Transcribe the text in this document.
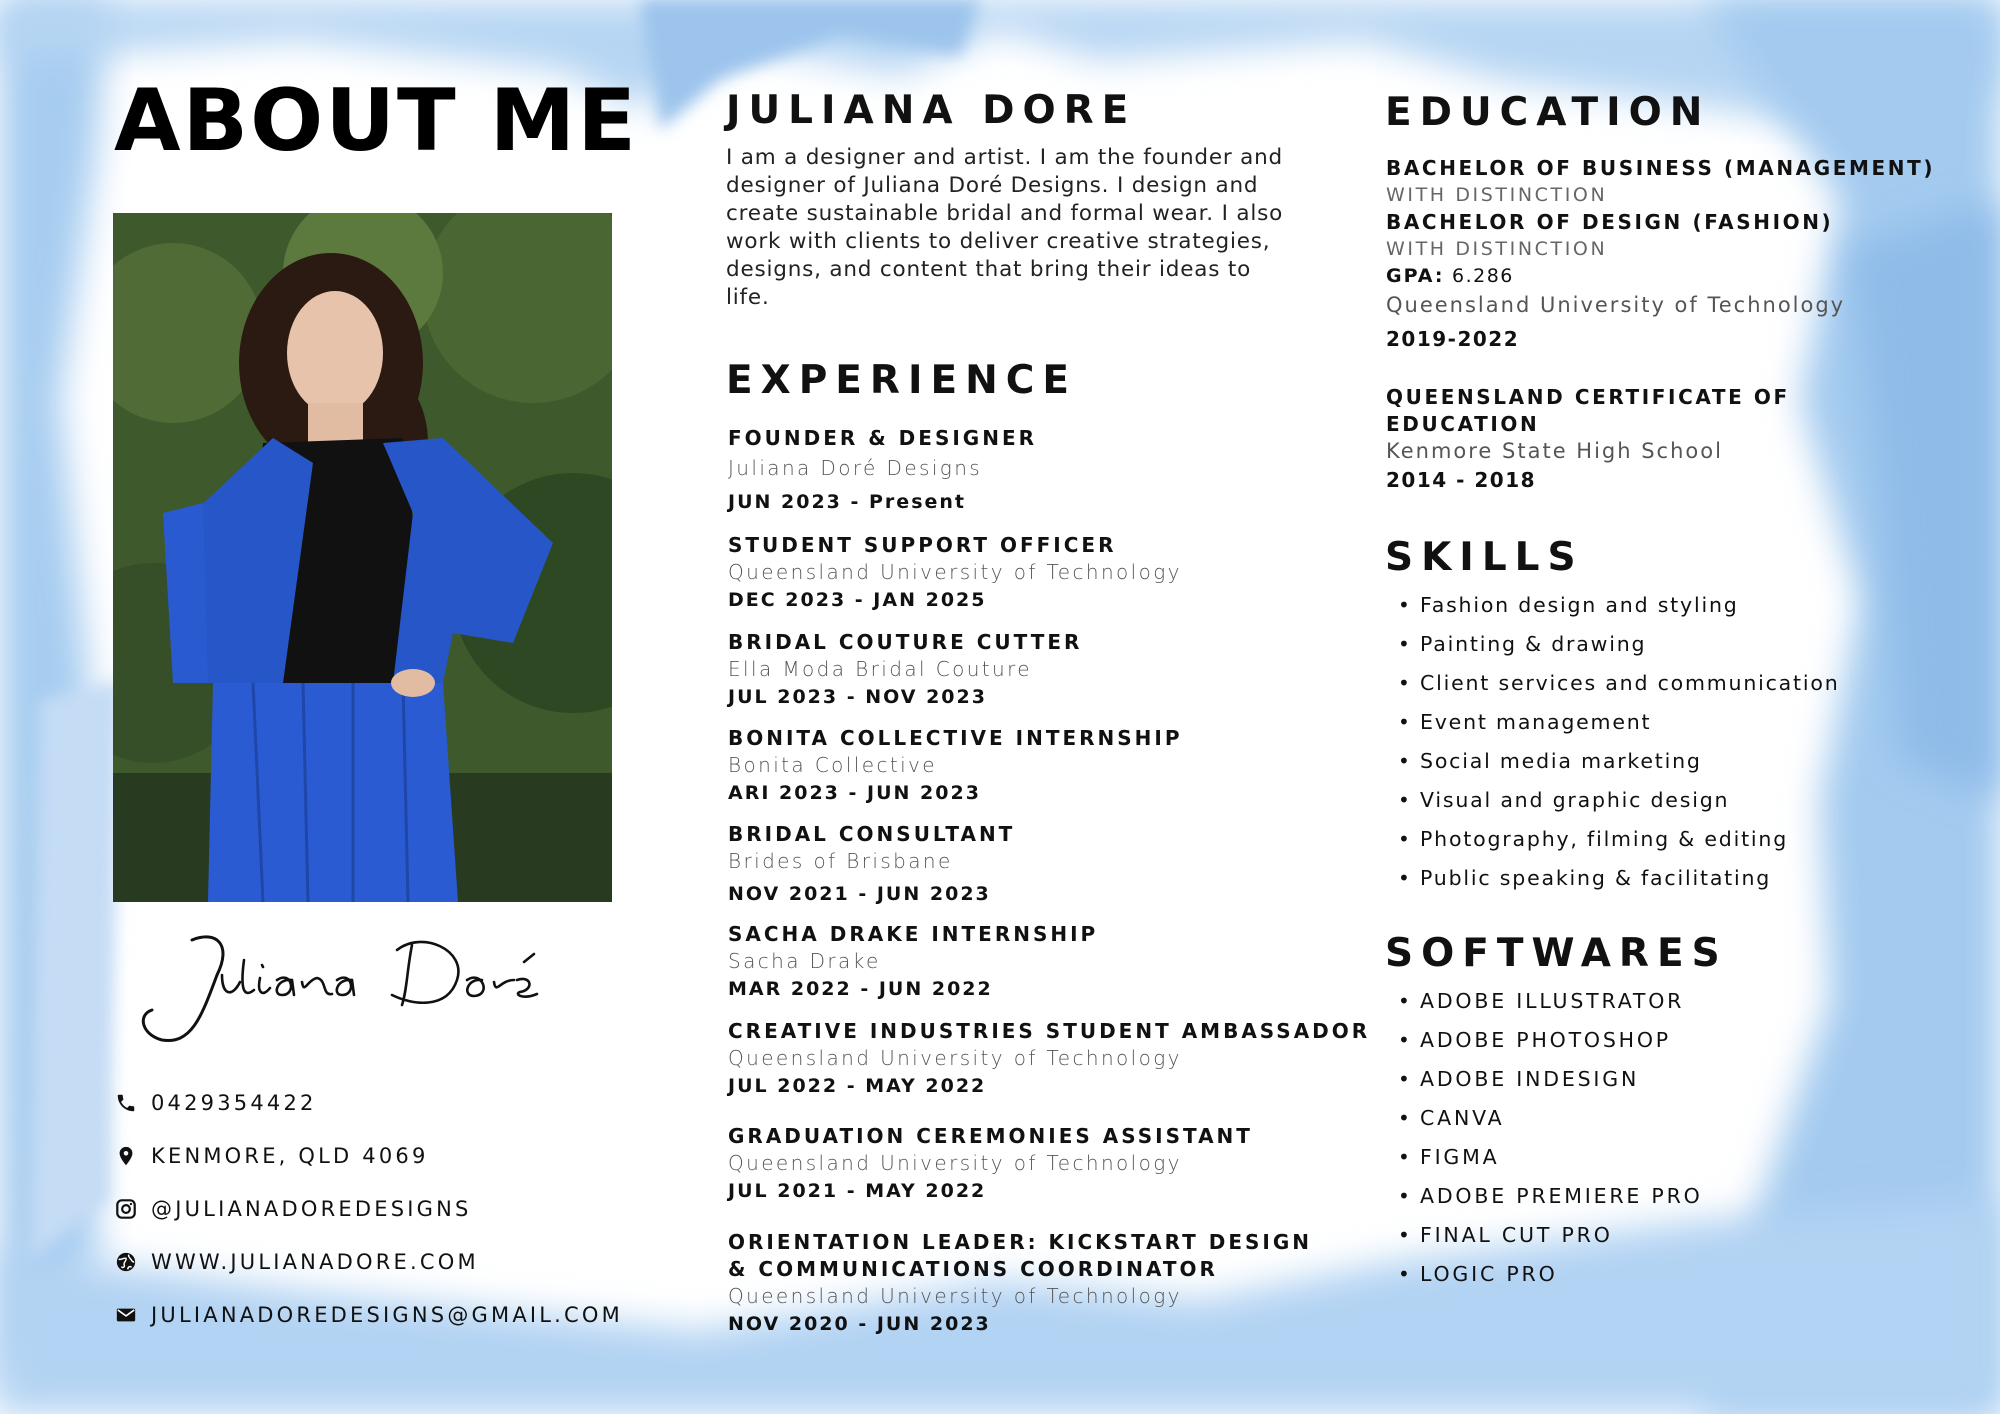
ABOUT ME
0429354422
KENMORE, QLD 4069
@JULIANADOREDESIGNS
WWW.JULIANADORE.COM
JULIANADOREDESIGNS@GMAIL.COM
JULIANA DORE
I am a designer and artist. I am the founder and designer of Juliana Doré Designs. I design and create sustainable bridal and formal wear. I also work with clients to deliver creative strategies, designs, and content that bring their ideas to life.
EXPERIENCE
FOUNDER & DESIGNER
Juliana Doré Designs
JUN 2023 - Present
STUDENT SUPPORT OFFICER
Queensland University of Technology
DEC 2023 - JAN 2025
BRIDAL COUTURE CUTTER
Ella Moda Bridal Couture
JUL 2023 - NOV 2023
BONITA COLLECTIVE INTERNSHIP
Bonita Collective
ARI 2023 - JUN 2023
BRIDAL CONSULTANT
Brides of Brisbane
NOV 2021 - JUN 2023
SACHA DRAKE INTERNSHIP
Sacha Drake
MAR 2022 - JUN 2022
CREATIVE INDUSTRIES STUDENT AMBASSADOR
Queensland University of Technology
JUL 2022 - MAY 2022
GRADUATION CEREMONIES ASSISTANT
Queensland University of Technology
JUL 2021 - MAY 2022
ORIENTATION LEADER: KICKSTART DESIGN & COMMUNICATIONS COORDINATOR
Queensland University of Technology
NOV 2020 - JUN 2023
EDUCATION
BACHELOR OF BUSINESS (MANAGEMENT)
WITH DISTINCTION
BACHELOR OF DESIGN (FASHION)
WITH DISTINCTION
GPA: 6.286
Queensland University of Technology
2019-2022
QUEENSLAND CERTIFICATE OF EDUCATION
Kenmore State High School
2014 - 2018
SKILLS
• Fashion design and styling
• Painting & drawing
• Client services and communication
• Event management
• Social media marketing
• Visual and graphic design
• Photography, filming & editing
• Public speaking & facilitating
SOFTWARES
• ADOBE ILLUSTRATOR
• ADOBE PHOTOSHOP
• ADOBE INDESIGN
• CANVA
• FIGMA
• ADOBE PREMIERE PRO
• FINAL CUT PRO
• LOGIC PRO
